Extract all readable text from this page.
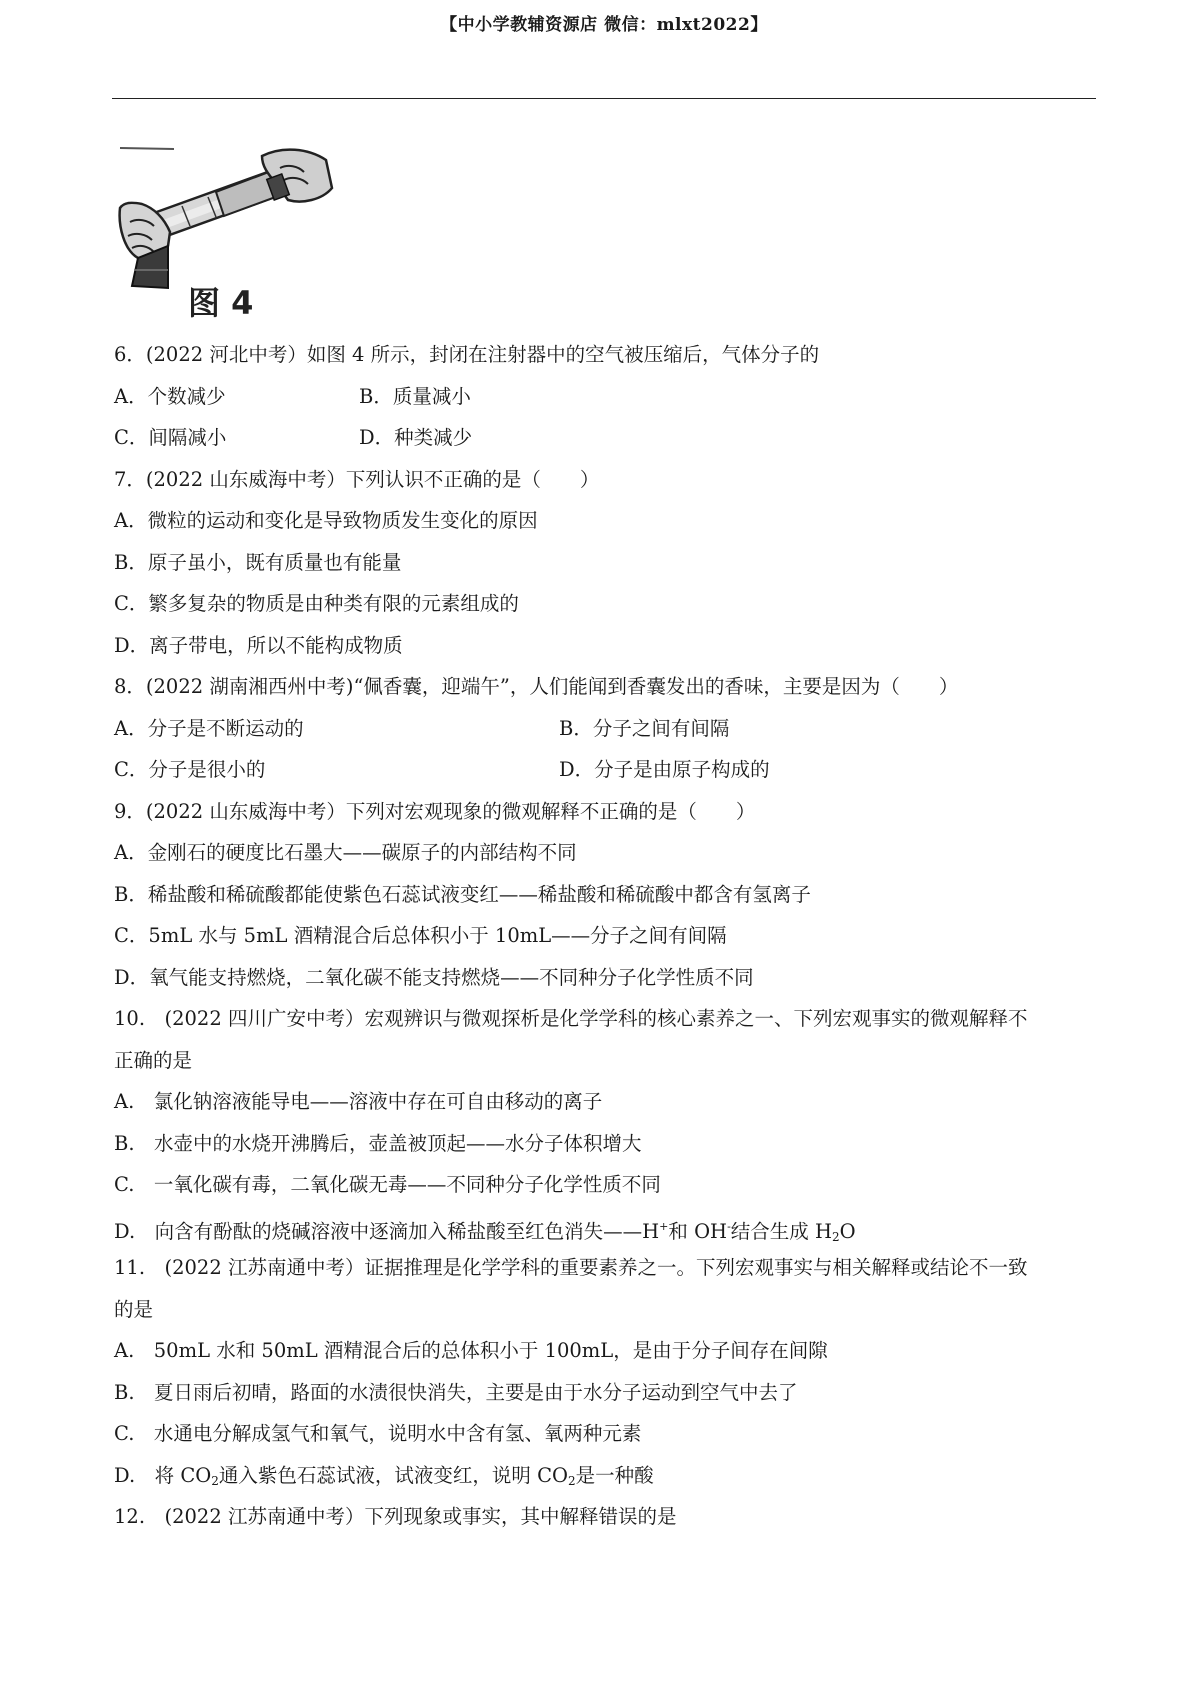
【中小学教辅资源店 微信：mlxt2022】
图 4
6．(2022 河北中考）如图 4 所示，封闭在注射器中的空气被压缩后，气体分子的
A．个数减少	B．质量减小
C．间隔减小	D．种类减少
7．(2022 山东威海中考）下列认识不正确的是（　　）
A．微粒的运动和变化是导致物质发生变化的原因
B．原子虽小，既有质量也有能量
C．繁多复杂的物质是由种类有限的元素组成的
D．离子带电，所以不能构成物质
8．(2022 湖南湘西州中考)“佩香囊，迎端午”，人们能闻到香囊发出的香味，主要是因为（　　）
A．分子是不断运动的	B．分子之间有间隔
C．分子是很小的	D．分子是由原子构成的
9．(2022 山东威海中考）下列对宏观现象的微观解释不正确的是（　　）
A．金刚石的硬度比石墨大——碳原子的内部结构不同
B．稀盐酸和稀硫酸都能使紫色石蕊试液变红——稀盐酸和稀硫酸中都含有氢离子
C．5mL 水与 5mL 酒精混合后总体积小于 10mL——分子之间有间隔
D．氧气能支持燃烧，二氧化碳不能支持燃烧——不同种分子化学性质不同
10.　(2022 四川广安中考）宏观辨识与微观探析是化学学科的核心素养之一、下列宏观事实的微观解释不
正确的是
A.　氯化钠溶液能导电——溶液中存在可自由移动的离子
B.　水壶中的水烧开沸腾后，壶盖被顶起——水分子体积增大
C.　一氧化碳有毒，二氧化碳无毒——不同种分子化学性质不同
D.　向含有酚酞的烧碱溶液中逐滴加入稀盐酸至红色消失——H+和 OH-结合生成 $H_2O$
11.　(2022 江苏南通中考）证据推理是化学学科的重要素养之一。下列宏观事实与相关解释或结论不一致
的是
A.　50mL 水和 50mL 酒精混合后的总体积小于 100mL，是由于分子间存在间隙
B.　夏日雨后初晴，路面的水渍很快消失，主要是由于水分子运动到空气中去了
C.　水通电分解成氢气和氧气，说明水中含有氢、氧两种元素
D.　将 $CO_2$通入紫色石蕊试液，试液变红，说明 $CO_2$是一种酸
12.　(2022 江苏南通中考）下列现象或事实，其中解释错误的是
